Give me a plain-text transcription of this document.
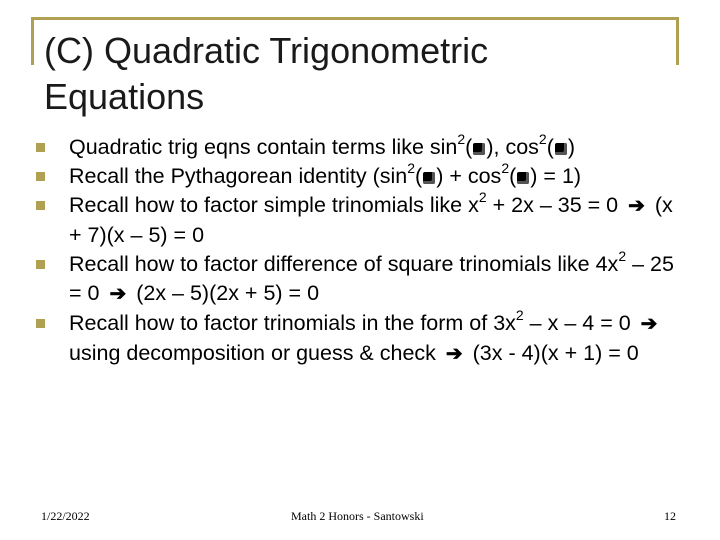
(C) Quadratic Trigonometric
Equations
Quadratic trig eqns contain terms like $\sin^2$( ), $\cos^2$( )
Recall the Pythagorean identity ($\sin^2$( ) + $\cos^2$( ) = 1)
Recall how to factor simple trinomials like $x^2 + 2x - 35 = 0$ ➔ (x + 7)(x – 5) = 0
Recall how to factor difference of square trinomials like $4x^2 - 25 = 0$ ➔ (2x – 5)(2x + 5) = 0
Recall how to factor trinomials in the form of $3x^2 - x - 4 = 0$ ➔ using decomposition or guess & check ➔ (3x - 4)(x + 1) = 0
1/22/2022	Math 2 Honors - Santowski	12
